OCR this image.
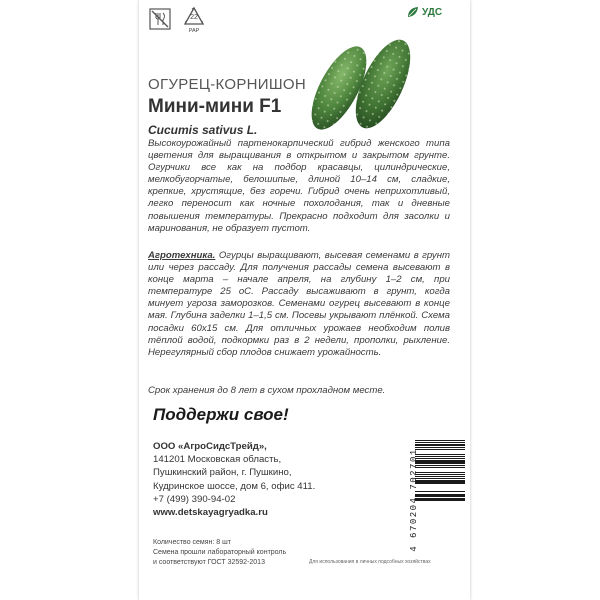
22
PAP
УДС
ОГУРЕЦ-КОРНИШОН
Мини-мини F1
Cucumis sativus L.
Высокоурожайный партенокарпический гибрид женского типа цветения для выращивания в открытом и закрытом грунте. Огурчики все как на подбор красавцы, цилиндрические, мелкобугорчатые, белошипые, длиной 10–14 см, сладкие, крепкие, хрустящие, без горечи. Гибрид очень неприхотливый, легко переносит как ночные похолодания, так и дневные повышения температуры. Прекрасно подходит для засолки и маринования, не образует пустот.
Агротехника. Огурцы выращивают, высевая семенами в грунт или через рассаду. Для получения рассады семена высевают в конце марта – начале апреля, на глубину 1–2 см, при температуре 25 оС. Рассаду высаживают в грунт, когда минует угроза заморозков. Семенами огурец высевают в конце мая. Глубина заделки 1–1,5 см. Посевы укрывают плёнкой. Схема посадки 60х15 см. Для отличных урожаев необходим полив тёплой водой, подкормки раз в 2 недели, прополки, рыхление. Нерегулярный сбор плодов снижает урожайность.
Срок хранения до 8 лет в сухом прохладном месте.
Поддержи свое!
ООО «АгроСидсТрейд»,
141201 Московская область,
Пушкинский район, г. Пушкино,
Кудринское шоссе, дом 6, офис 411.
+7 (499) 390-94-02
www.detskayagryadka.ru
Количество семян: 8 шт
Семена прошли лабораторный контроль
и соответствуют ГОСТ 32592-2013	Для использования в личных подсобных хозяйствах
4 670204 702701
